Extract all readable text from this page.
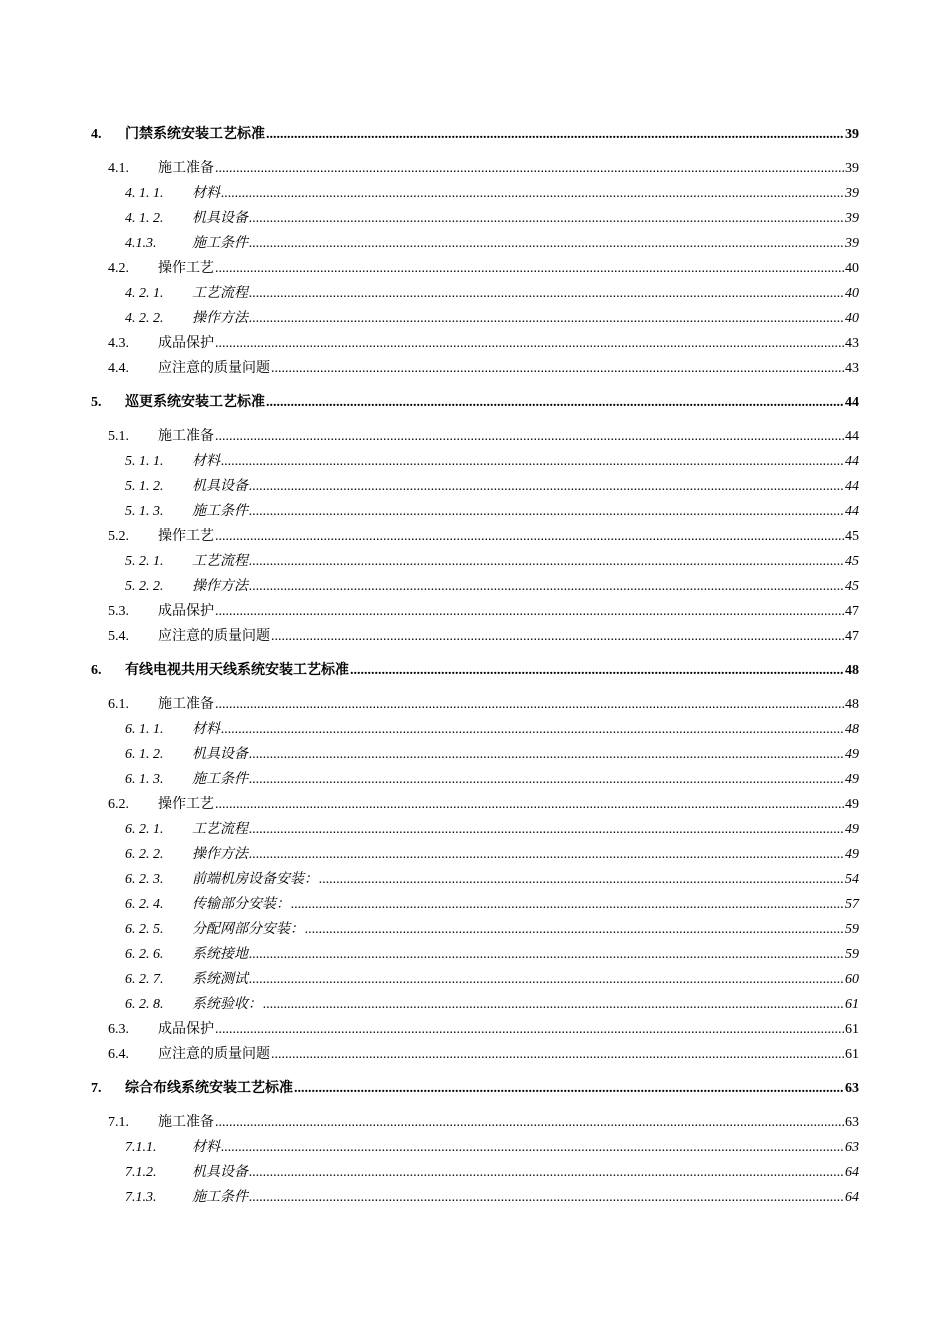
4.	门禁系统安装工艺标准 .....	39
4.1.	施工准备 .....	39
4. 1. 1.	材料 .....	39
4. 1. 2.	机具设备 .....	39
4.1.3.	施工条件 .....	39
4.2.	操作工艺 .....	40
4. 2. 1.	工艺流程 .....	40
4. 2. 2.	操作方法 .....	40
4.3.	成品保护 .....	43
4.4.	应注意的质量问题 .....	43
5.	巡更系统安装工艺标准 .....	44
5.1.	施工准备 .....	44
5. 1. 1.	材料 .....	44
5. 1. 2.	机具设备 .....	44
5. 1. 3.	施工条件 .....	44
5.2.	操作工艺 .....	45
5. 2. 1.	工艺流程 .....	45
5. 2. 2.	操作方法 .....	45
5.3.	成品保护 .....	47
5.4.	应注意的质量问题 .....	47
6.	有线电视共用天线系统安装工艺标准 .....	48
6.1.	施工准备 .....	48
6. 1. 1.	材料 .....	48
6. 1. 2.	机具设备 .....	49
6. 1. 3.	施工条件 .....	49
6.2.	操作工艺 .....	49
6. 2. 1.	工艺流程 .....	49
6. 2. 2.	操作方法 .....	49
6. 2. 3.	前端机房设备安装： .....	54
6. 2. 4.	传输部分安装： .....	57
6. 2. 5.	分配网部分安装： .....	59
6. 2. 6.	系统接地 .....	59
6. 2. 7.	系统测试 .....	60
6. 2. 8.	系统验收： .....	61
6.3.	成品保护 .....	61
6.4.	应注意的质量问题 .....	61
7.	综合布线系统安装工艺标准 .....	63
7.1.	施工准备 .....	63
7.1.1.	材料 .....	63
7.1.2.	机具设备 .....	64
7.1.3.	施工条件 .....	64
